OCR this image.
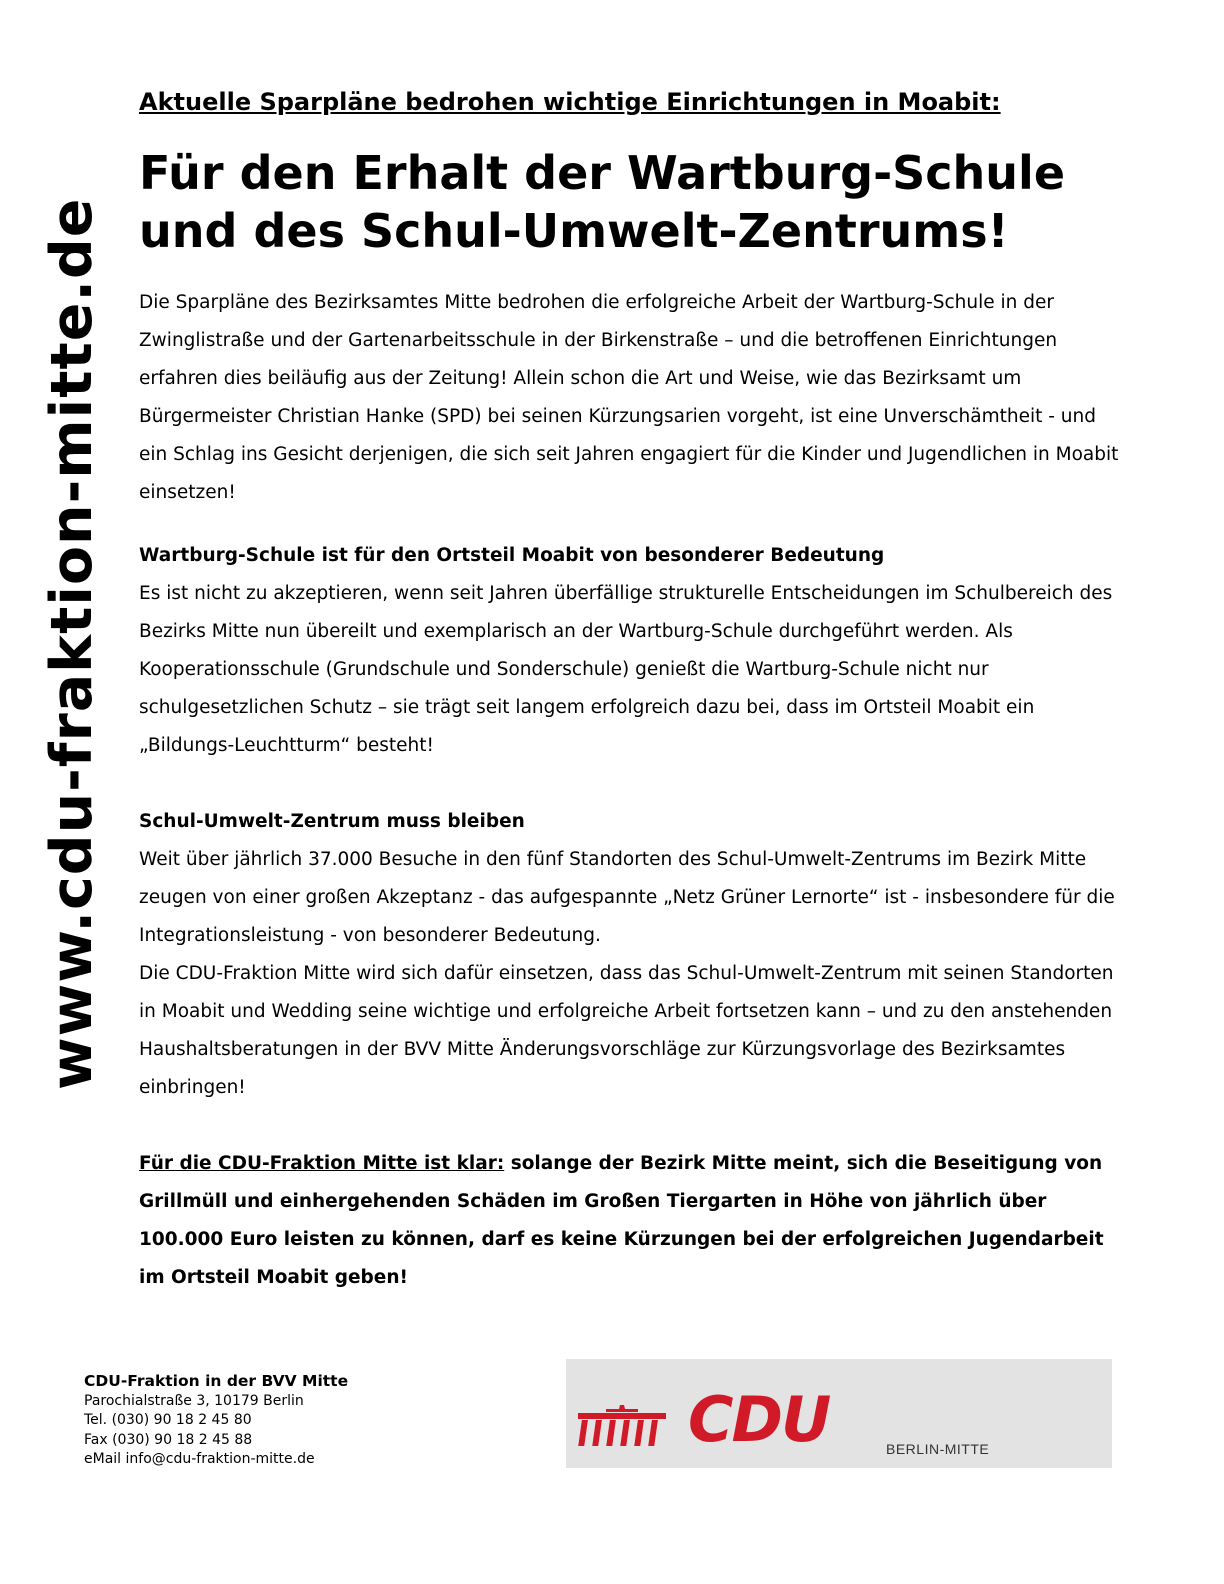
www.cdu-fraktion-mitte.de

Aktuelle Sparpläne bedrohen wichtige Einrichtungen in Moabit:

Für den Erhalt der Wartburg-Schule
und des Schul-Umwelt-Zentrums!

Die Sparpläne des Bezirksamtes Mitte bedrohen die erfolgreiche Arbeit der Wartburg-Schule in der Zwinglistraße und der Gartenarbeitsschule in der Birkenstraße – und die betroffenen Einrichtungen erfahren dies beiläufig aus der Zeitung! Allein schon die Art und Weise, wie das Bezirksamt um Bürgermeister Christian Hanke (SPD) bei seinen Kürzungsarien vorgeht, ist eine Unverschämtheit - und ein Schlag ins Gesicht derjenigen, die sich seit Jahren engagiert für die Kinder und Jugendlichen in Moabit einsetzen!

Wartburg-Schule ist für den Ortsteil Moabit von besonderer Bedeutung

Es ist nicht zu akzeptieren, wenn seit Jahren überfällige strukturelle Entscheidungen im Schulbereich des Bezirks Mitte nun übereilt und exemplarisch an der Wartburg-Schule durchgeführt werden. Als Kooperationsschule (Grundschule und Sonderschule) genießt die Wartburg-Schule nicht nur schulgesetzlichen Schutz – sie trägt seit langem erfolgreich dazu bei, dass im Ortsteil Moabit ein „Bildungs-Leuchtturm“ besteht!

Schul-Umwelt-Zentrum muss bleiben

Weit über jährlich 37.000 Besuche in den fünf Standorten des Schul-Umwelt-Zentrums im Bezirk Mitte zeugen von einer großen Akzeptanz - das aufgespannte „Netz Grüner Lernorte“ ist - insbesondere für die Integrationsleistung - von besonderer Bedeutung.

Die CDU-Fraktion Mitte wird sich dafür einsetzen, dass das Schul-Umwelt-Zentrum mit seinen Standorten in Moabit und Wedding seine wichtige und erfolgreiche Arbeit fortsetzen kann – und zu den anstehenden Haushaltsberatungen in der BVV Mitte Änderungsvorschläge zur Kürzungsvorlage des Bezirksamtes einbringen!

Für die CDU-Fraktion Mitte ist klar: solange der Bezirk Mitte meint, sich die Beseitigung von Grillmüll und einhergehenden Schäden im Großen Tiergarten in Höhe von jährlich über 100.000 Euro leisten zu können, darf es keine Kürzungen bei der erfolgreichen Jugendarbeit im Ortsteil Moabit geben!

CDU-Fraktion in der BVV Mitte
Parochialstraße 3, 10179 Berlin
Tel. (030) 90 18 2 45 80
Fax (030) 90 18 2 45 88
eMail info@cdu-fraktion-mitte.de
CDU	BERLIN-MITTE
